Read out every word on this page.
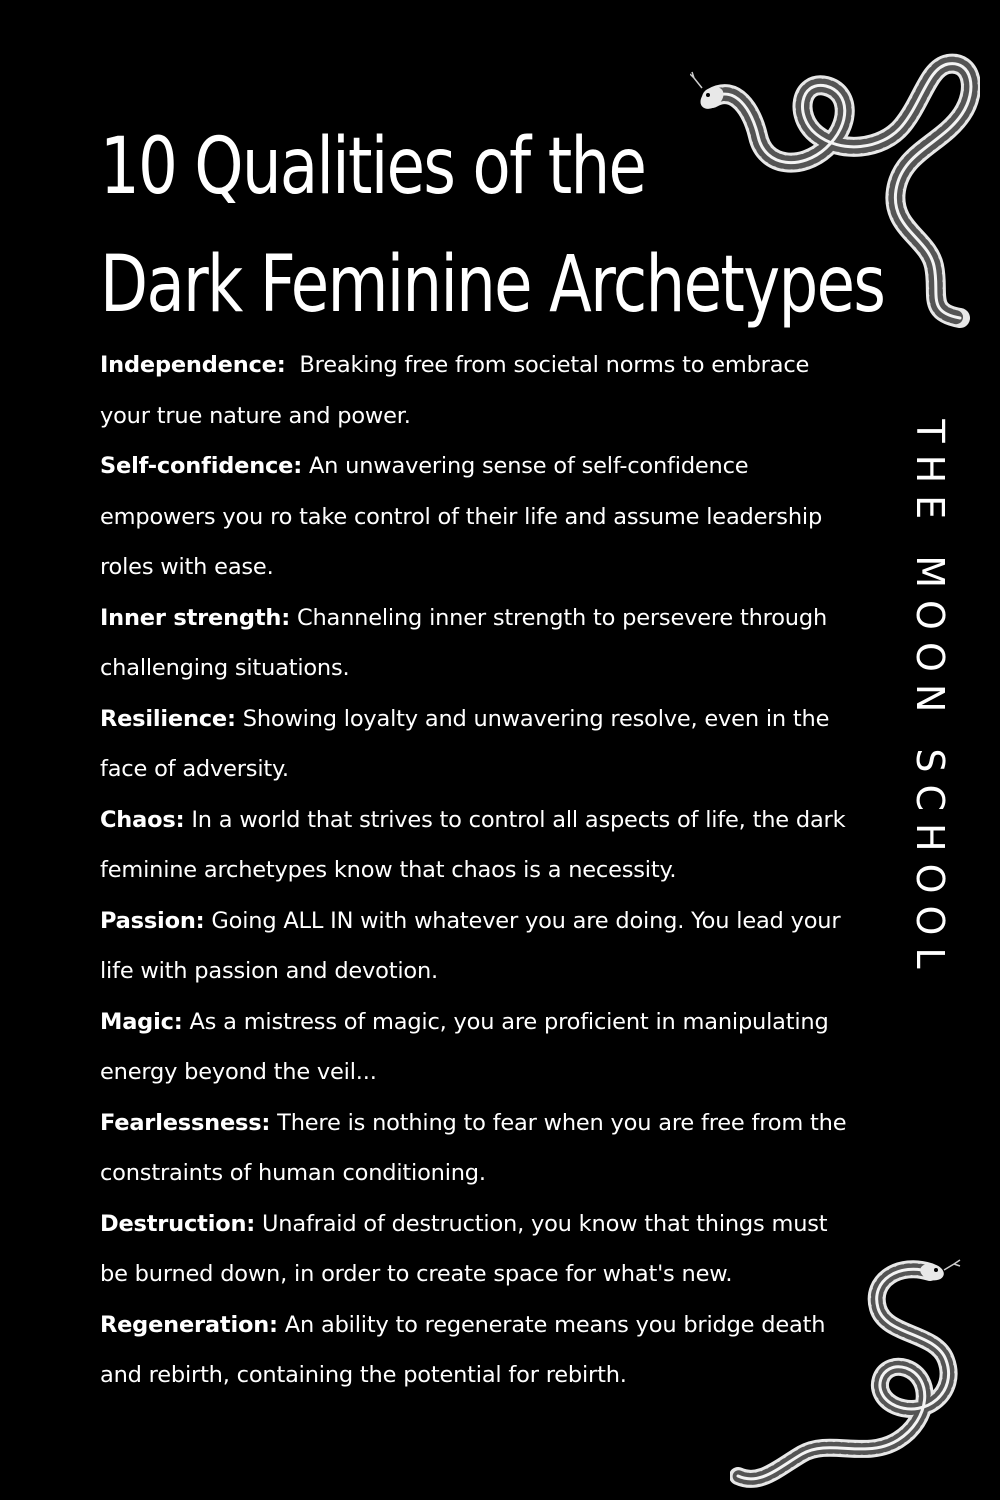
10 Qualities of the
Dark Feminine Archetypes
Independence:  Breaking free from societal norms to embrace your true nature and power.
Self-confidence: An unwavering sense of self-confidence empowers you ro take control of their life and assume leadership roles with ease.
Inner strength: Channeling inner strength to persevere through challenging situations.
Resilience: Showing loyalty and unwavering resolve, even in the face of adversity.
Chaos: In a world that strives to control all aspects of life, the dark feminine archetypes know that chaos is a necessity.
Passion: Going ALL IN with whatever you are doing. You lead your life with passion and devotion.
Magic: As a mistress of magic, you are proficient in manipulating energy beyond the veil...
Fearlessness: There is nothing to fear when you are free from the constraints of human conditioning.
Destruction: Unafraid of destruction, you know that things must be burned down, in order to create space for what's new.
Regeneration: An ability to regenerate means you bridge death and rebirth, containing the potential for rebirth.
THE MOON SCHOOL
